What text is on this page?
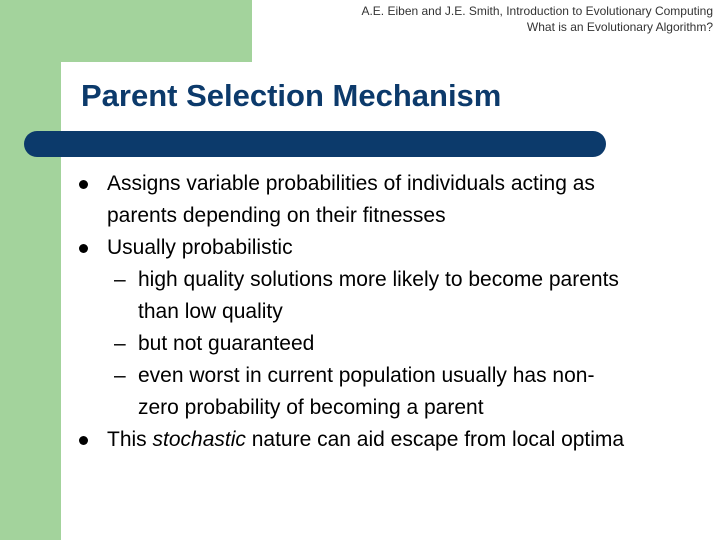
A.E. Eiben and J.E. Smith, Introduction to Evolutionary Computing
What is an Evolutionary Algorithm?
Parent Selection Mechanism
Assigns variable probabilities of individuals acting as
parents depending on their fitnesses
Usually probabilistic
– high quality solutions more likely to become parents
than low quality
– but not guaranteed
– even worst in current population usually has non-
zero probability of becoming a parent
This stochastic nature can aid escape from local optima
